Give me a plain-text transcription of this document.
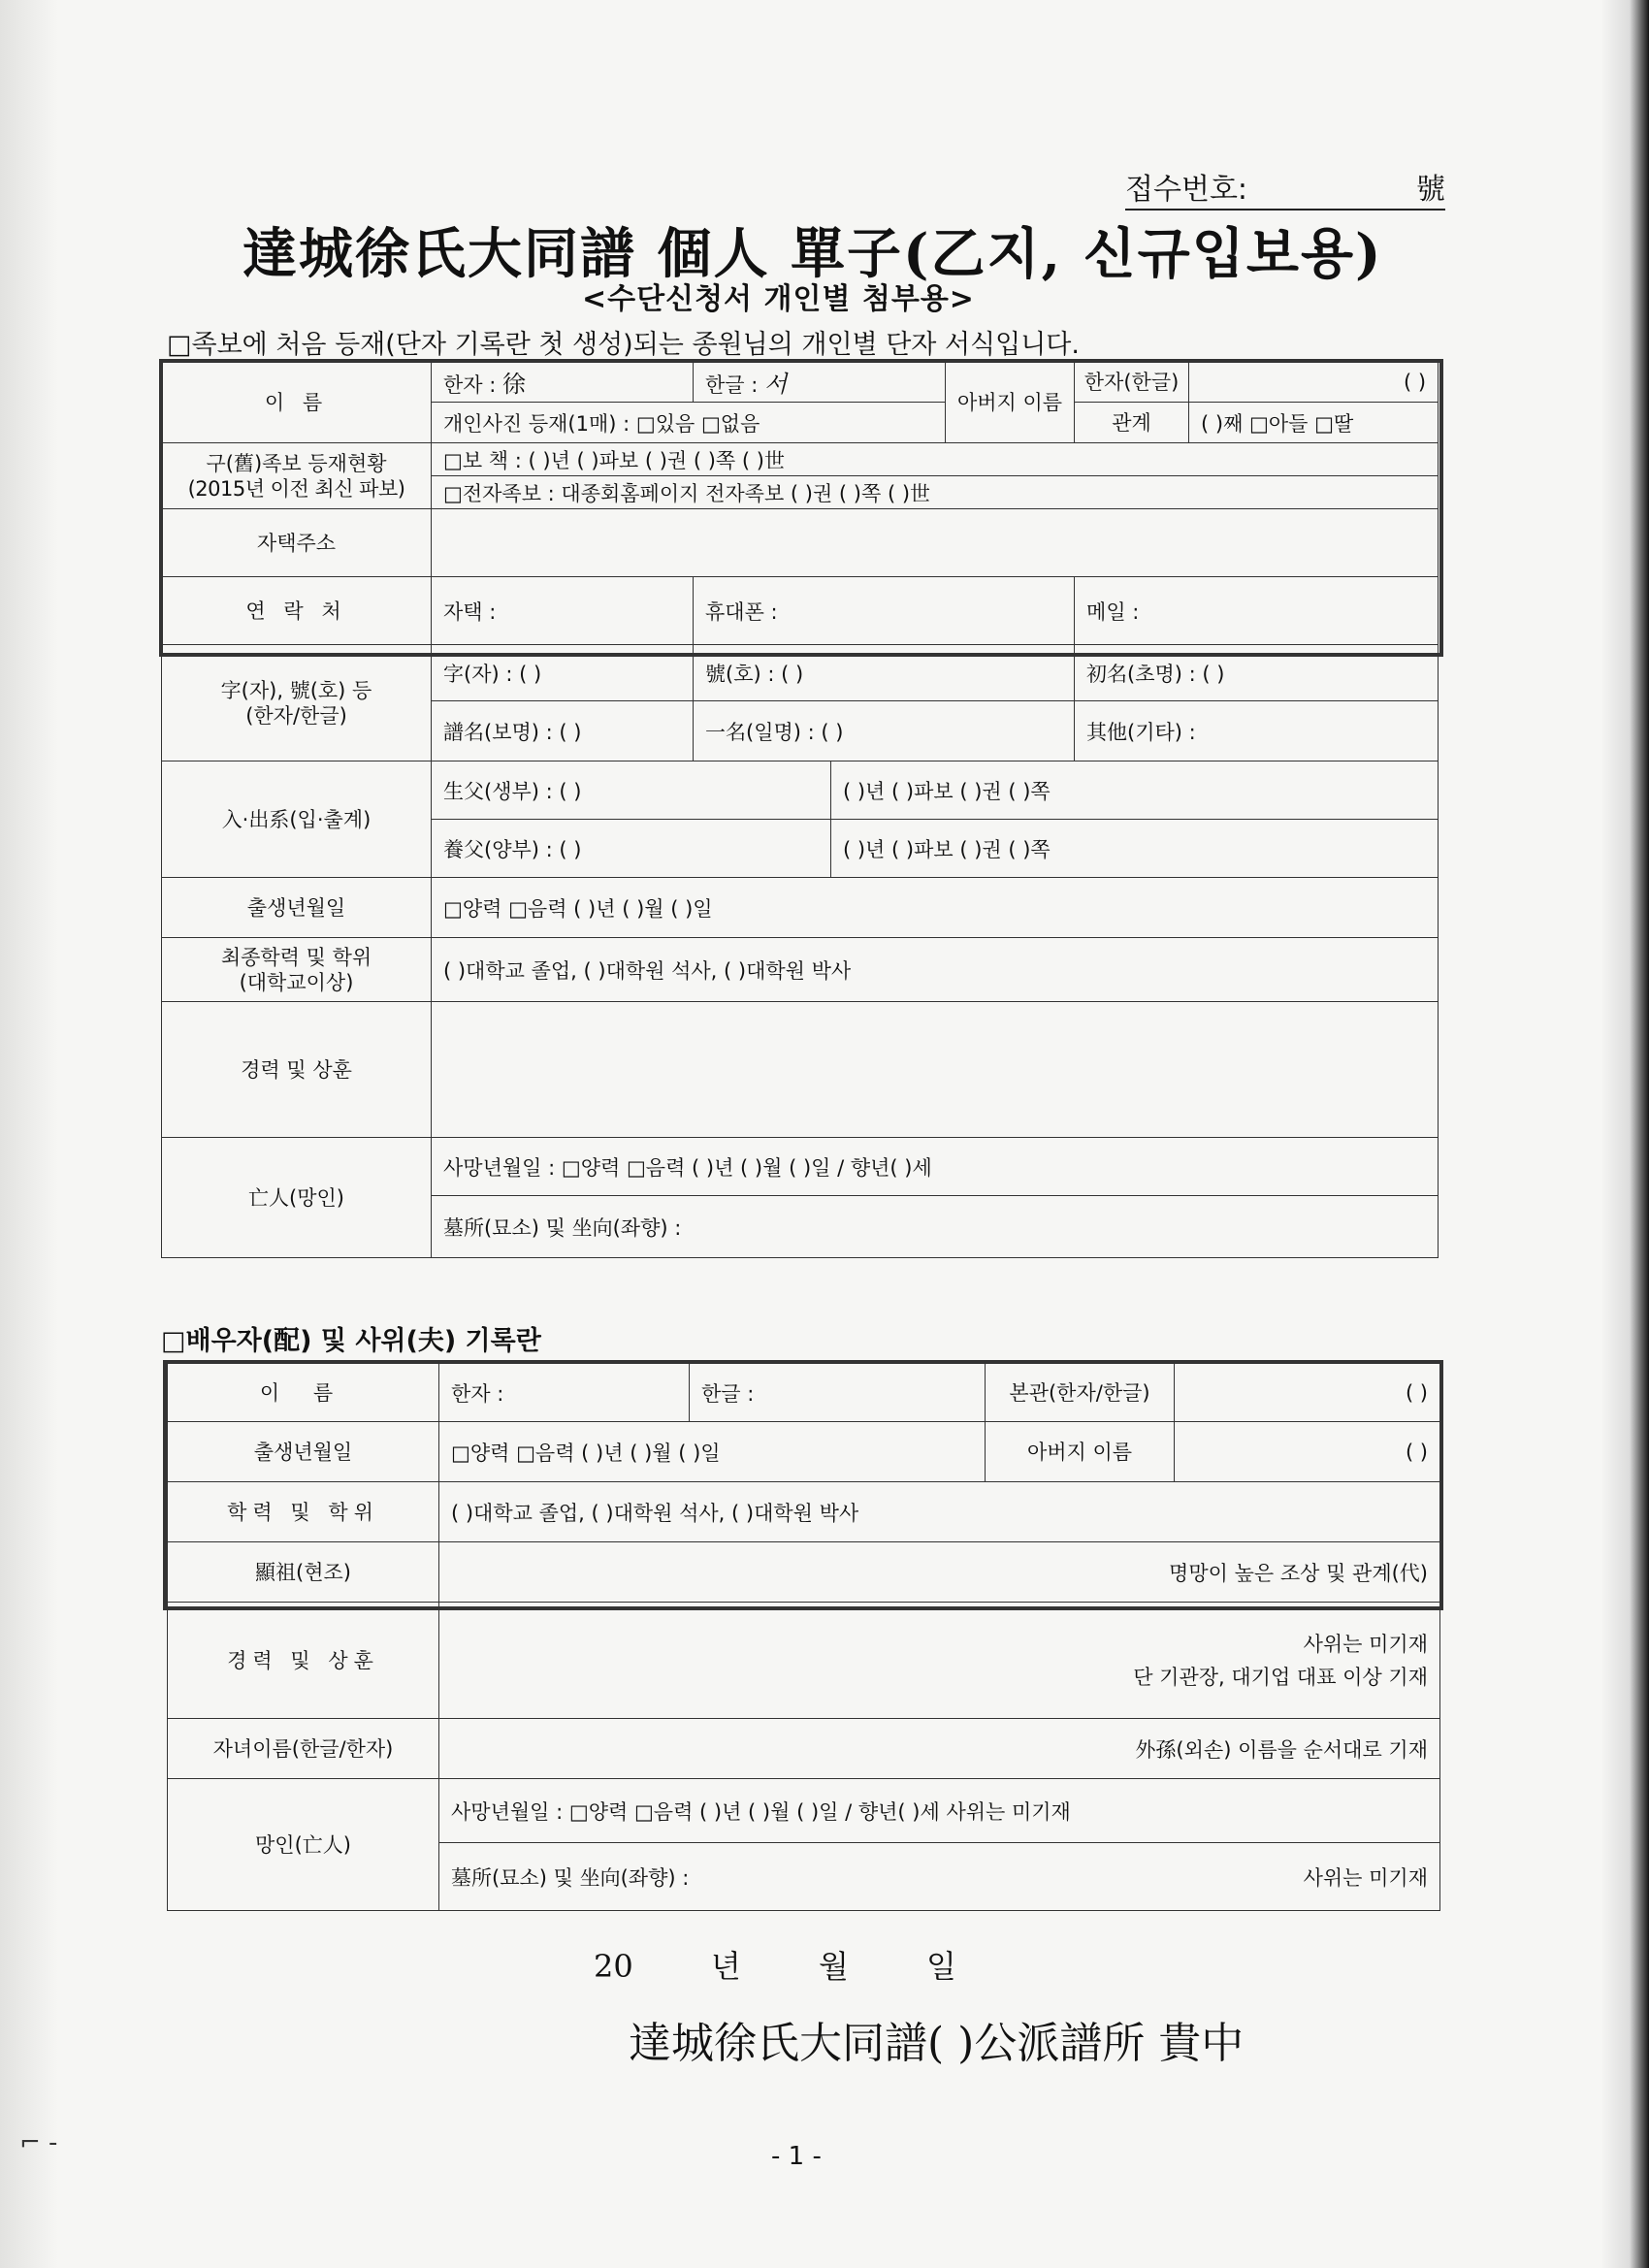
접수번호:	號
達城徐氏大同譜 個人 單子(乙지, 신규입보용)
<수단신청서 개인별 첨부용>
□족보에 처음 등재(단자 기록란 첫 생성)되는 종원님의 개인별 단자 서식입니다.
이 름	한자 : 徐	한글 : 서		아버지 이름	한자(한글)	( )
	개인사진 등재(1매) : □있음 □없음				관계	( )째 □아들 □딸
구(舊)족보 등재현황
(2015년 이전 최신 파보)	□보 책 : ( )년 ( )파보 ( )권 ( )쪽 ( )世					
	□전자족보 : 대종회홈페이지 전자족보 ( )권 ( )쪽 ( )世					
자택주소						
연 락 처	자택 :	휴대폰 :			메일 :	
字(자), 號(호) 등
(한자/한글)	字(자) : ( )	號(호) : ( )			初名(초명) : ( )	
	譜名(보명) : ( )	一名(일명) : ( )			其他(기타) :	
入·出系(입·출계)	生父(생부) : ( )		( )년 ( )파보 ( )권 ( )쪽			
	養父(양부) : ( )		( )년 ( )파보 ( )권 ( )쪽			
출생년월일	□양력 □음력 ( )년 ( )월 ( )일					
최종학력 및 학위
(대학교이상)	( )대학교 졸업, ( )대학원 석사, ( )대학원 박사					
경력 및 상훈						
亡人(망인)	사망년월일 : □양력 □음력 ( )년 ( )월 ( )일 / 향년( )세					
	墓所(묘소) 및 坐向(좌향) :					
□배우자(配) 및 사위(夫) 기록란
이 름	한자 :	한글 :	본관(한자/한글)	( )
출생년월일	□양력 □음력 ( )년 ( )월 ( )일		아버지 이름	( )
학력 및 학위	( )대학교 졸업, ( )대학원 석사, ( )대학원 박사			
顯祖(현조)	명망이 높은 조상 및 관계(代)			
경력 및 상훈	사위는 미기재
단 기관장, 대기업 대표 이상 기재			
자녀이름(한글/한자)	外孫(외손) 이름을 순서대로 기재			
망인(亡人)	사망년월일 : □양력 □음력 ( )년 ( )월 ( )일 / 향년( )세 사위는 미기재			
	墓所(묘소) 및 坐向(좌향) : 사위는 미기재			
20 년 월 일
達城徐氏大同譜( )公派譜所 貴中
- 1 -
⌐ ‐
